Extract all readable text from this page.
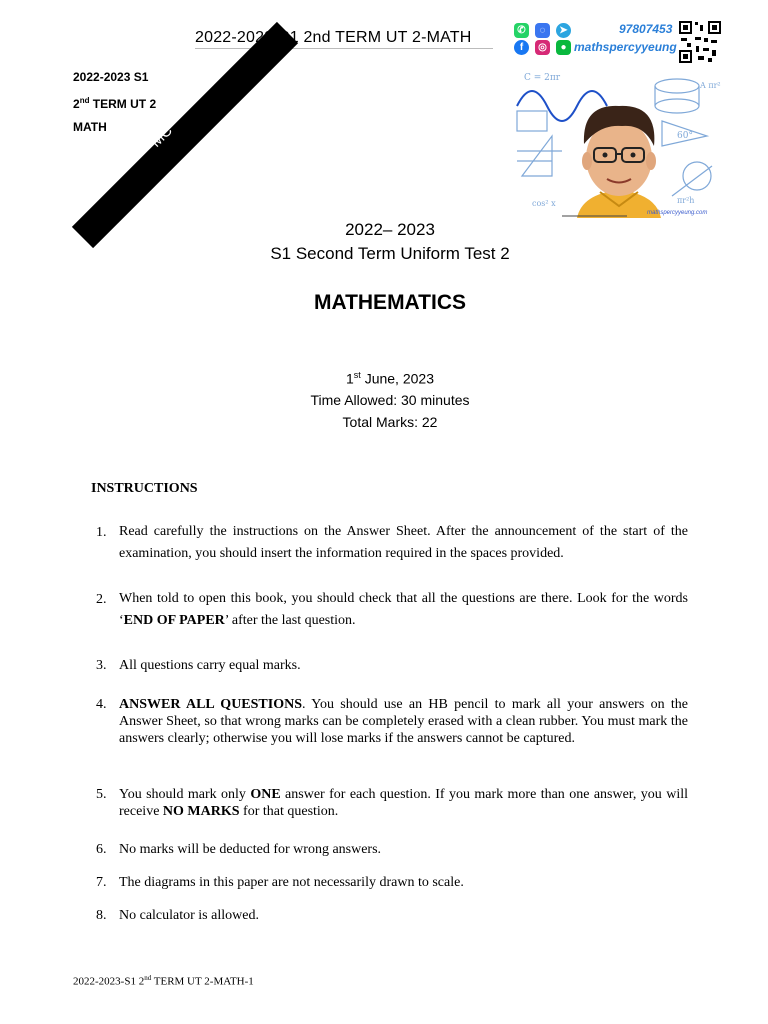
2022-2023-S1 2nd TERM UT 2-MATH
2022-2023 S1
2nd TERM UT 2
MATH	MC
✆	◌	➤	97807453
f	◎	● mathspercyyeung
C = 2πr
60°
A πr²
cos² x	πr²h
mathspercyyeung.com
2022– 2023
S1 Second Term Uniform Test 2
MATHEMATICS
1st June, 2023
Time Allowed: 30 minutes
Total Marks: 22
INSTRUCTIONS
1. Read carefully the instructions on the Answer Sheet. After the announcement of the start of the examination, you should insert the information required in the spaces provided.
2. When told to open this book, you should check that all the questions are there. Look for the words ‘END OF PAPER’ after the last question.
3. All questions carry equal marks.
4. ANSWER ALL QUESTIONS. You should use an HB pencil to mark all your answers on the Answer Sheet, so that wrong marks can be completely erased with a clean rubber. You must mark the answers clearly; otherwise you will lose marks if the answers cannot be captured.
5. You should mark only ONE answer for each question. If you mark more than one answer, you will receive NO MARKS for that question.
6. No marks will be deducted for wrong answers.
7. The diagrams in this paper are not necessarily drawn to scale.
8. No calculator is allowed.
2022-2023-S1 2nd TERM UT 2-MATH-1
